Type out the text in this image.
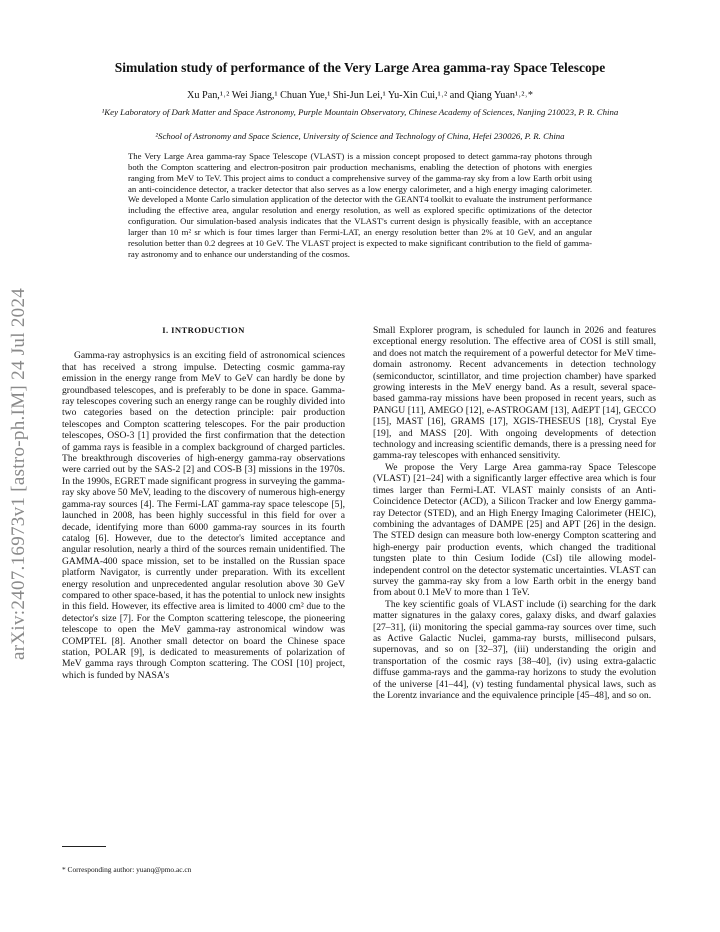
arXiv:2407.16973v1 [astro-ph.IM] 24 Jul 2024
Simulation study of performance of the Very Large Area gamma-ray Space Telescope
Xu Pan,¹˒² Wei Jiang,¹ Chuan Yue,¹ Shi-Jun Lei,¹ Yu-Xin Cui,¹˒² and Qiang Yuan¹˒²˒*
¹Key Laboratory of Dark Matter and Space Astronomy, Purple Mountain Observatory, Chinese Academy of Sciences, Nanjing 210023, P. R. China
²School of Astronomy and Space Science, University of Science and Technology of China, Hefei 230026, P. R. China
The Very Large Area gamma-ray Space Telescope (VLAST) is a mission concept proposed to detect gamma-ray photons through both the Compton scattering and electron-positron pair production mechanisms, enabling the detection of photons with energies ranging from MeV to TeV. This project aims to conduct a comprehensive survey of the gamma-ray sky from a low Earth orbit using an anti-coincidence detector, a tracker detector that also serves as a low energy calorimeter, and a high energy imaging calorimeter. We developed a Monte Carlo simulation application of the detector with the GEANT4 toolkit to evaluate the instrument performance including the effective area, angular resolution and energy resolution, as well as explored specific optimizations of the detector configuration. Our simulation-based analysis indicates that the VLAST's current design is physically feasible, with an acceptance larger than 10 m² sr which is four times larger than Fermi-LAT, an energy resolution better than 2% at 10 GeV, and an angular resolution better than 0.2 degrees at 10 GeV. The VLAST project is expected to make significant contribution to the field of gamma-ray astronomy and to enhance our understanding of the cosmos.
I. INTRODUCTION

Gamma-ray astrophysics is an exciting field of astronomical sciences that has received a strong impulse. Detecting cosmic gamma-ray emission in the energy range from MeV to GeV can hardly be done by groundbased telescopes, and is preferably to be done in space. Gamma-ray telescopes covering such an energy range can be roughly divided into two categories based on the detection principle: pair production telescopes and Compton scattering telescopes. For the pair production telescopes, OSO-3 [1] provided the first confirmation that the detection of gamma rays is feasible in a complex background of charged particles. The breakthrough discoveries of high-energy gamma-ray observations were carried out by the SAS-2 [2] and COS-B [3] missions in the 1970s. In the 1990s, EGRET made significant progress in surveying the gamma-ray sky above 50 MeV, leading to the discovery of numerous high-energy gamma-ray sources [4]. The Fermi-LAT gamma-ray space telescope [5], launched in 2008, has been highly successful in this field for over a decade, identifying more than 6000 gamma-ray sources in its fourth catalog [6]. However, due to the detector's limited acceptance and angular resolution, nearly a third of the sources remain unidentified. The GAMMA-400 space mission, set to be installed on the Russian space platform Navigator, is currently under preparation. With its excellent energy resolution and unprecedented angular resolution above 30 GeV compared to other space-based, it has the potential to unlock new insights in this field. However, its effective area is limited to 4000 cm² due to the detector's size [7]. For the Compton scattering telescope, the pioneering telescope to open the MeV gamma-ray astronomical window was COMPTEL [8]. Another small detector on board the Chinese space station, POLAR [9], is dedicated to measurements of polarization of MeV gamma rays through Compton scattering. The COSI [10] project, which is funded by NASA's

Small Explorer program, is scheduled for launch in 2026 and features exceptional energy resolution. The effective area of COSI is still small, and does not match the requirement of a powerful detector for MeV time-domain astronomy. Recent advancements in detection technology (semiconductor, scintillator, and time projection chamber) have sparked growing interests in the MeV energy band. As a result, several space-based gamma-ray missions have been proposed in recent years, such as PANGU [11], AMEGO [12], e-ASTROGAM [13], AdEPT [14], GECCO [15], MAST [16], GRAMS [17], XGIS-THESEUS [18], Crystal Eye [19], and MASS [20]. With ongoing developments of detection technology and increasing scientific demands, there is a pressing need for gamma-ray telescopes with enhanced sensitivity.

We propose the Very Large Area gamma-ray Space Telescope (VLAST) [21–24] with a significantly larger effective area which is four times larger than Fermi-LAT. VLAST mainly consists of an Anti-Coincidence Detector (ACD), a Silicon Tracker and low Energy gamma-ray Detector (STED), and an High Energy Imaging Calorimeter (HEIC), combining the advantages of DAMPE [25] and APT [26] in the design. The STED design can measure both low-energy Compton scattering and high-energy pair production events, which changed the traditional tungsten plate to thin Cesium Iodide (CsI) tile allowing model-independent control on the detector systematic uncertainties. VLAST can survey the gamma-ray sky from a low Earth orbit in the energy band from about 0.1 MeV to more than 1 TeV.

The key scientific goals of VLAST include (i) searching for the dark matter signatures in the galaxy cores, galaxy disks, and dwarf galaxies [27–31], (ii) monitoring the special gamma-ray sources over time, such as Active Galactic Nuclei, gamma-ray bursts, millisecond pulsars, supernovas, and so on [32–37], (iii) understanding the origin and transportation of the cosmic rays [38–40], (iv) using extra-galactic diffuse gamma-rays and the gamma-ray horizons to study the evolution of the universe [41–44], (v) testing fundamental physical laws, such as the Lorentz invariance and the equivalence principle [45–48], and so on.

* Corresponding author: yuanq@pmo.ac.cn
